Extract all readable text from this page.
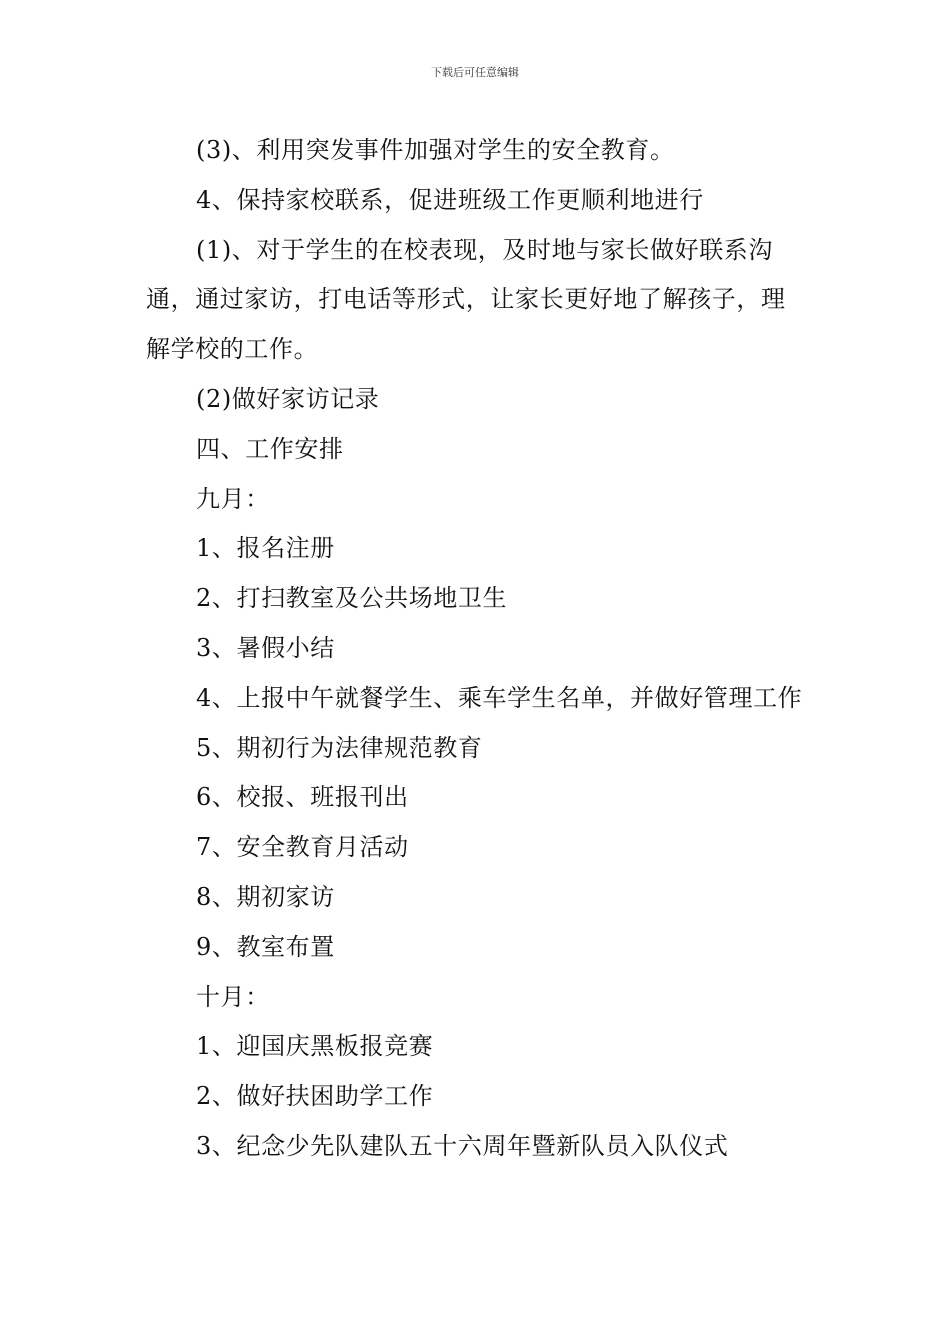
下载后可任意编辑

(3)、利用突发事件加强对学生的安全教育。

4、保持家校联系，促进班级工作更顺利地进行

(1)、对于学生的在校表现，及时地与家长做好联系沟通，通过家访，打电话等形式，让家长更好地了解孩子，理解学校的工作。

(2)做好家访记录

四、工作安排

九月：

1、报名注册

2、打扫教室及公共场地卫生

3、暑假小结

4、上报中午就餐学生、乘车学生名单，并做好管理工作

5、期初行为法律规范教育

6、校报、班报刊出

7、安全教育月活动

8、期初家访

9、教室布置

十月：

1、迎国庆黑板报竞赛

2、做好扶困助学工作

3、纪念少先队建队五十六周年暨新队员入队仪式
